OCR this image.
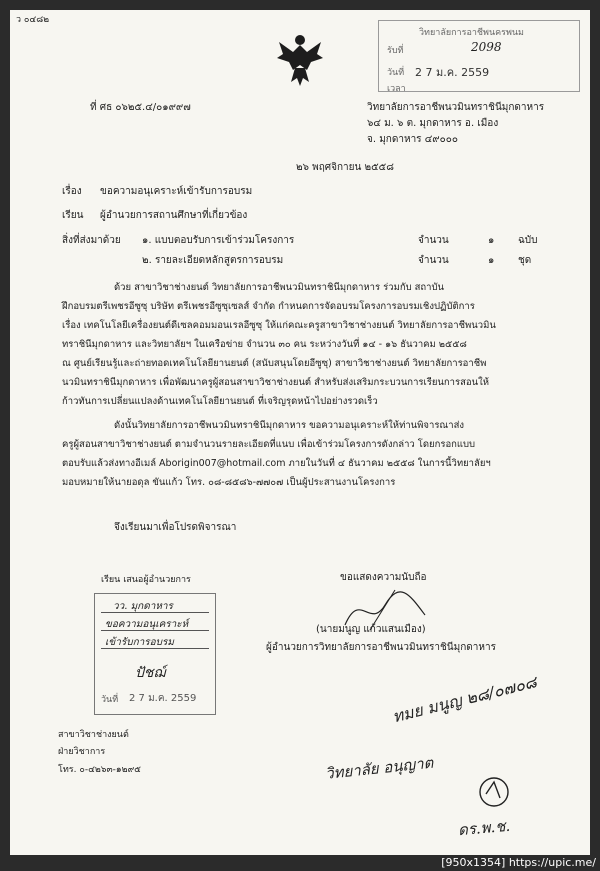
ว ๐๔๘๒
วิทยาลัยการอาชีพนครพนม
รับที่	2098
วันที่ 2 7 ม.ค. 2559
เวลา
ที่ ศธ ๐๖๒๕.๔/๐๑๙๙๗	วิทยาลัยการอาชีพนวมินทราชินีมุกดาหาร
๖๔ ม. ๖ ต. มุกดาหาร อ. เมือง
จ. มุกดาหาร ๔๙๐๐๐
๒๖ พฤศจิกายน ๒๕๕๘
เรื่อง ขอความอนุเคราะห์เข้ารับการอบรม
เรียน ผู้อำนวยการสถานศึกษาที่เกี่ยวข้อง
สิ่งที่ส่งมาด้วย ๑. แบบตอบรับการเข้าร่วมโครงการ	จำนวน	๑ ฉบับ
๒. รายละเอียดหลักสูตรการอบรม	จำนวน	๑ ชุด
ด้วย สาขาวิชาช่างยนต์ วิทยาลัยการอาชีพนวมินทราชินีมุกดาหาร ร่วมกับ สถาบัน
ฝึกอบรมตรีเพชรอีซูซุ บริษัท ตรีเพชรอีซูซุเซลส์ จำกัด กำหนดการจัดอบรมโครงการอบรมเชิงปฏิบัติการ
เรื่อง เทคโนโลยีเครื่องยนต์ดีเซลคอมมอนเรลอีซูซุ ให้แก่คณะครูสาขาวิชาช่างยนต์ วิทยาลัยการอาชีพนวมิน
ทราชินีมุกดาหาร และวิทยาลัยฯ ในเครือข่าย จำนวน ๓๐ คน ระหว่างวันที่ ๑๔ - ๑๖ ธันวาคม ๒๕๕๘
ณ ศูนย์เรียนรู้และถ่ายทอดเทคโนโลยียานยนต์ (สนับสนุนโดยอีซูซุ) สาขาวิชาช่างยนต์ วิทยาลัยการอาชีพ
นวมินทราชินีมุกดาหาร เพื่อพัฒนาครูผู้สอนสาขาวิชาช่างยนต์ สำหรับส่งเสริมกระบวนการเรียนการสอนให้
ก้าวทันการเปลี่ยนแปลงด้านเทคโนโลยียานยนต์ ที่เจริญรุดหน้าไปอย่างรวดเร็ว
ดังนั้นวิทยาลัยการอาชีพนวมินทราชินีมุกดาหาร ขอความอนุเคราะห์ให้ท่านพิจารณาส่ง
ครูผู้สอนสาขาวิชาช่างยนต์ ตามจำนวนรายละเอียดที่แนบ เพื่อเข้าร่วมโครงการดังกล่าว โดยกรอกแบบ
ตอบรับแล้วส่งทางอีเมล์ Aborigin007@hotmail.com ภายในวันที่ ๔ ธันวาคม ๒๕๕๘ ในการนี้วิทยาลัยฯ
มอบหมายให้นายอดุล ขันแก้ว โทร. ๐๘-๘๕๘๖-๗๗๐๗ เป็นผู้ประสานงานโครงการ
จึงเรียนมาเพื่อโปรดพิจารณา
เรียน เสนอผู้อำนวยการ
วว. มุกดาหาร
ขอความอนุเคราะห์
เข้ารับการอบรม
ปัชฌ์
วันที่ 2 7 ม.ค. 2559
ขอแสดงความนับถือ
(นายมนูญ แก้วแสนเมือง)
ผู้อำนวยการวิทยาลัยการอาชีพนวมินทราชินีมุกดาหาร
สาขาวิชาช่างยนต์
ฝ่ายวิชาการ
โทร. ๐-๔๒๖๓-๑๒๙๕
ทมย มนูญ ๒๘/๐๗๐๘
วิทยาลัย อนุญาต
ดร.พ.ช.
[950x1354] https://upic.me/
